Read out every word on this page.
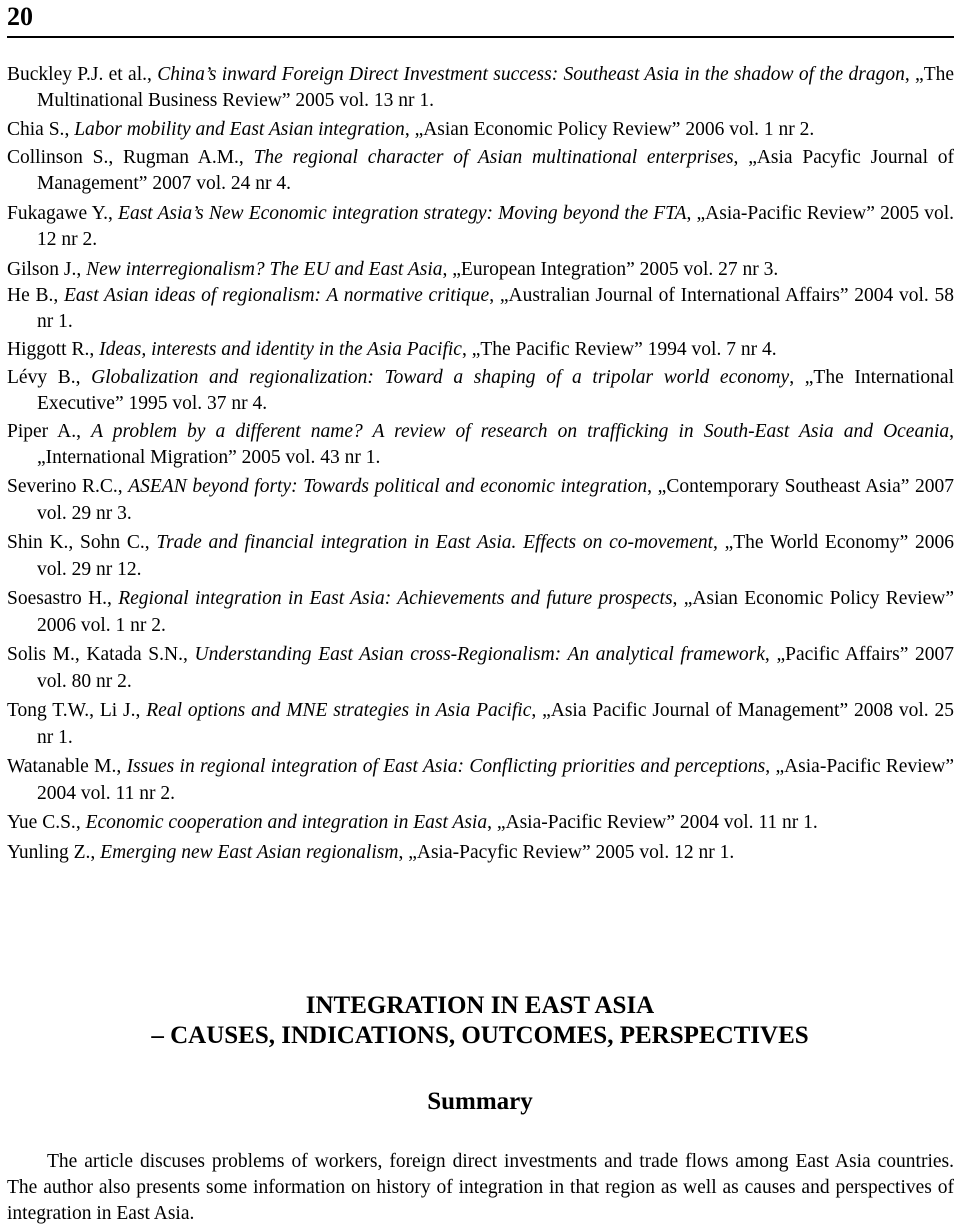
20
Buckley P.J. et al., China’s inward Foreign Direct Investment success: Southeast Asia in the shadow of the dragon, „The Multinational Business Review” 2005 vol. 13 nr 1.
Chia S., Labor mobility and East Asian integration, „Asian Economic Policy Review” 2006 vol. 1 nr 2.
Collinson S., Rugman A.M., The regional character of Asian multinational enterprises, „Asia Pacyfic Journal of Management” 2007 vol. 24 nr 4.
Fukagawe Y., East Asia’s New Economic integration strategy: Moving beyond the FTA, „Asia-Pacific Review” 2005 vol. 12 nr 2.
Gilson J., New interregionalism? The EU and East Asia, „European Integration” 2005 vol. 27 nr 3.
He B., East Asian ideas of regionalism: A normative critique, „Australian Journal of International Affairs” 2004 vol. 58 nr 1.
Higgott R., Ideas, interests and identity in the Asia Pacific, „The Pacific Review” 1994 vol. 7 nr 4.
Lévy B., Globalization and regionalization: Toward a shaping of a tripolar world economy, „The International Executive” 1995 vol. 37 nr 4.
Piper A., A problem by a different name? A review of research on trafficking in South-East Asia and Oceania, „International Migration” 2005 vol. 43 nr 1.
Severino R.C., ASEAN beyond forty: Towards political and economic integration, „Contemporary Southeast Asia” 2007 vol. 29 nr 3.
Shin K., Sohn C., Trade and financial integration in East Asia. Effects on co-movement, „The World Economy” 2006 vol. 29 nr 12.
Soesastro H., Regional integration in East Asia: Achievements and future prospects, „Asian Economic Policy Review” 2006 vol. 1 nr 2.
Solis M., Katada S.N., Understanding East Asian cross-Regionalism: An analytical framework, „Pacific Affairs” 2007 vol. 80 nr 2.
Tong T.W., Li J., Real options and MNE strategies in Asia Pacific, „Asia Pacific Journal of Management” 2008 vol. 25 nr 1.
Watanable M., Issues in regional integration of East Asia: Conflicting priorities and perceptions, „Asia-Pacific Review” 2004 vol. 11 nr 2.
Yue C.S., Economic cooperation and integration in East Asia, „Asia-Pacific Review” 2004 vol. 11 nr 1.
Yunling Z., Emerging new East Asian regionalism, „Asia-Pacyfic Review” 2005 vol. 12 nr 1.
INTEGRATION IN EAST ASIA
– CAUSES, INDICATIONS, OUTCOMES, PERSPECTIVES
Summary
The article discuses problems of workers, foreign direct investments and trade flows among East Asia countries. The author also presents some information on history of integration in that region as well as causes and perspectives of integration in East Asia.
